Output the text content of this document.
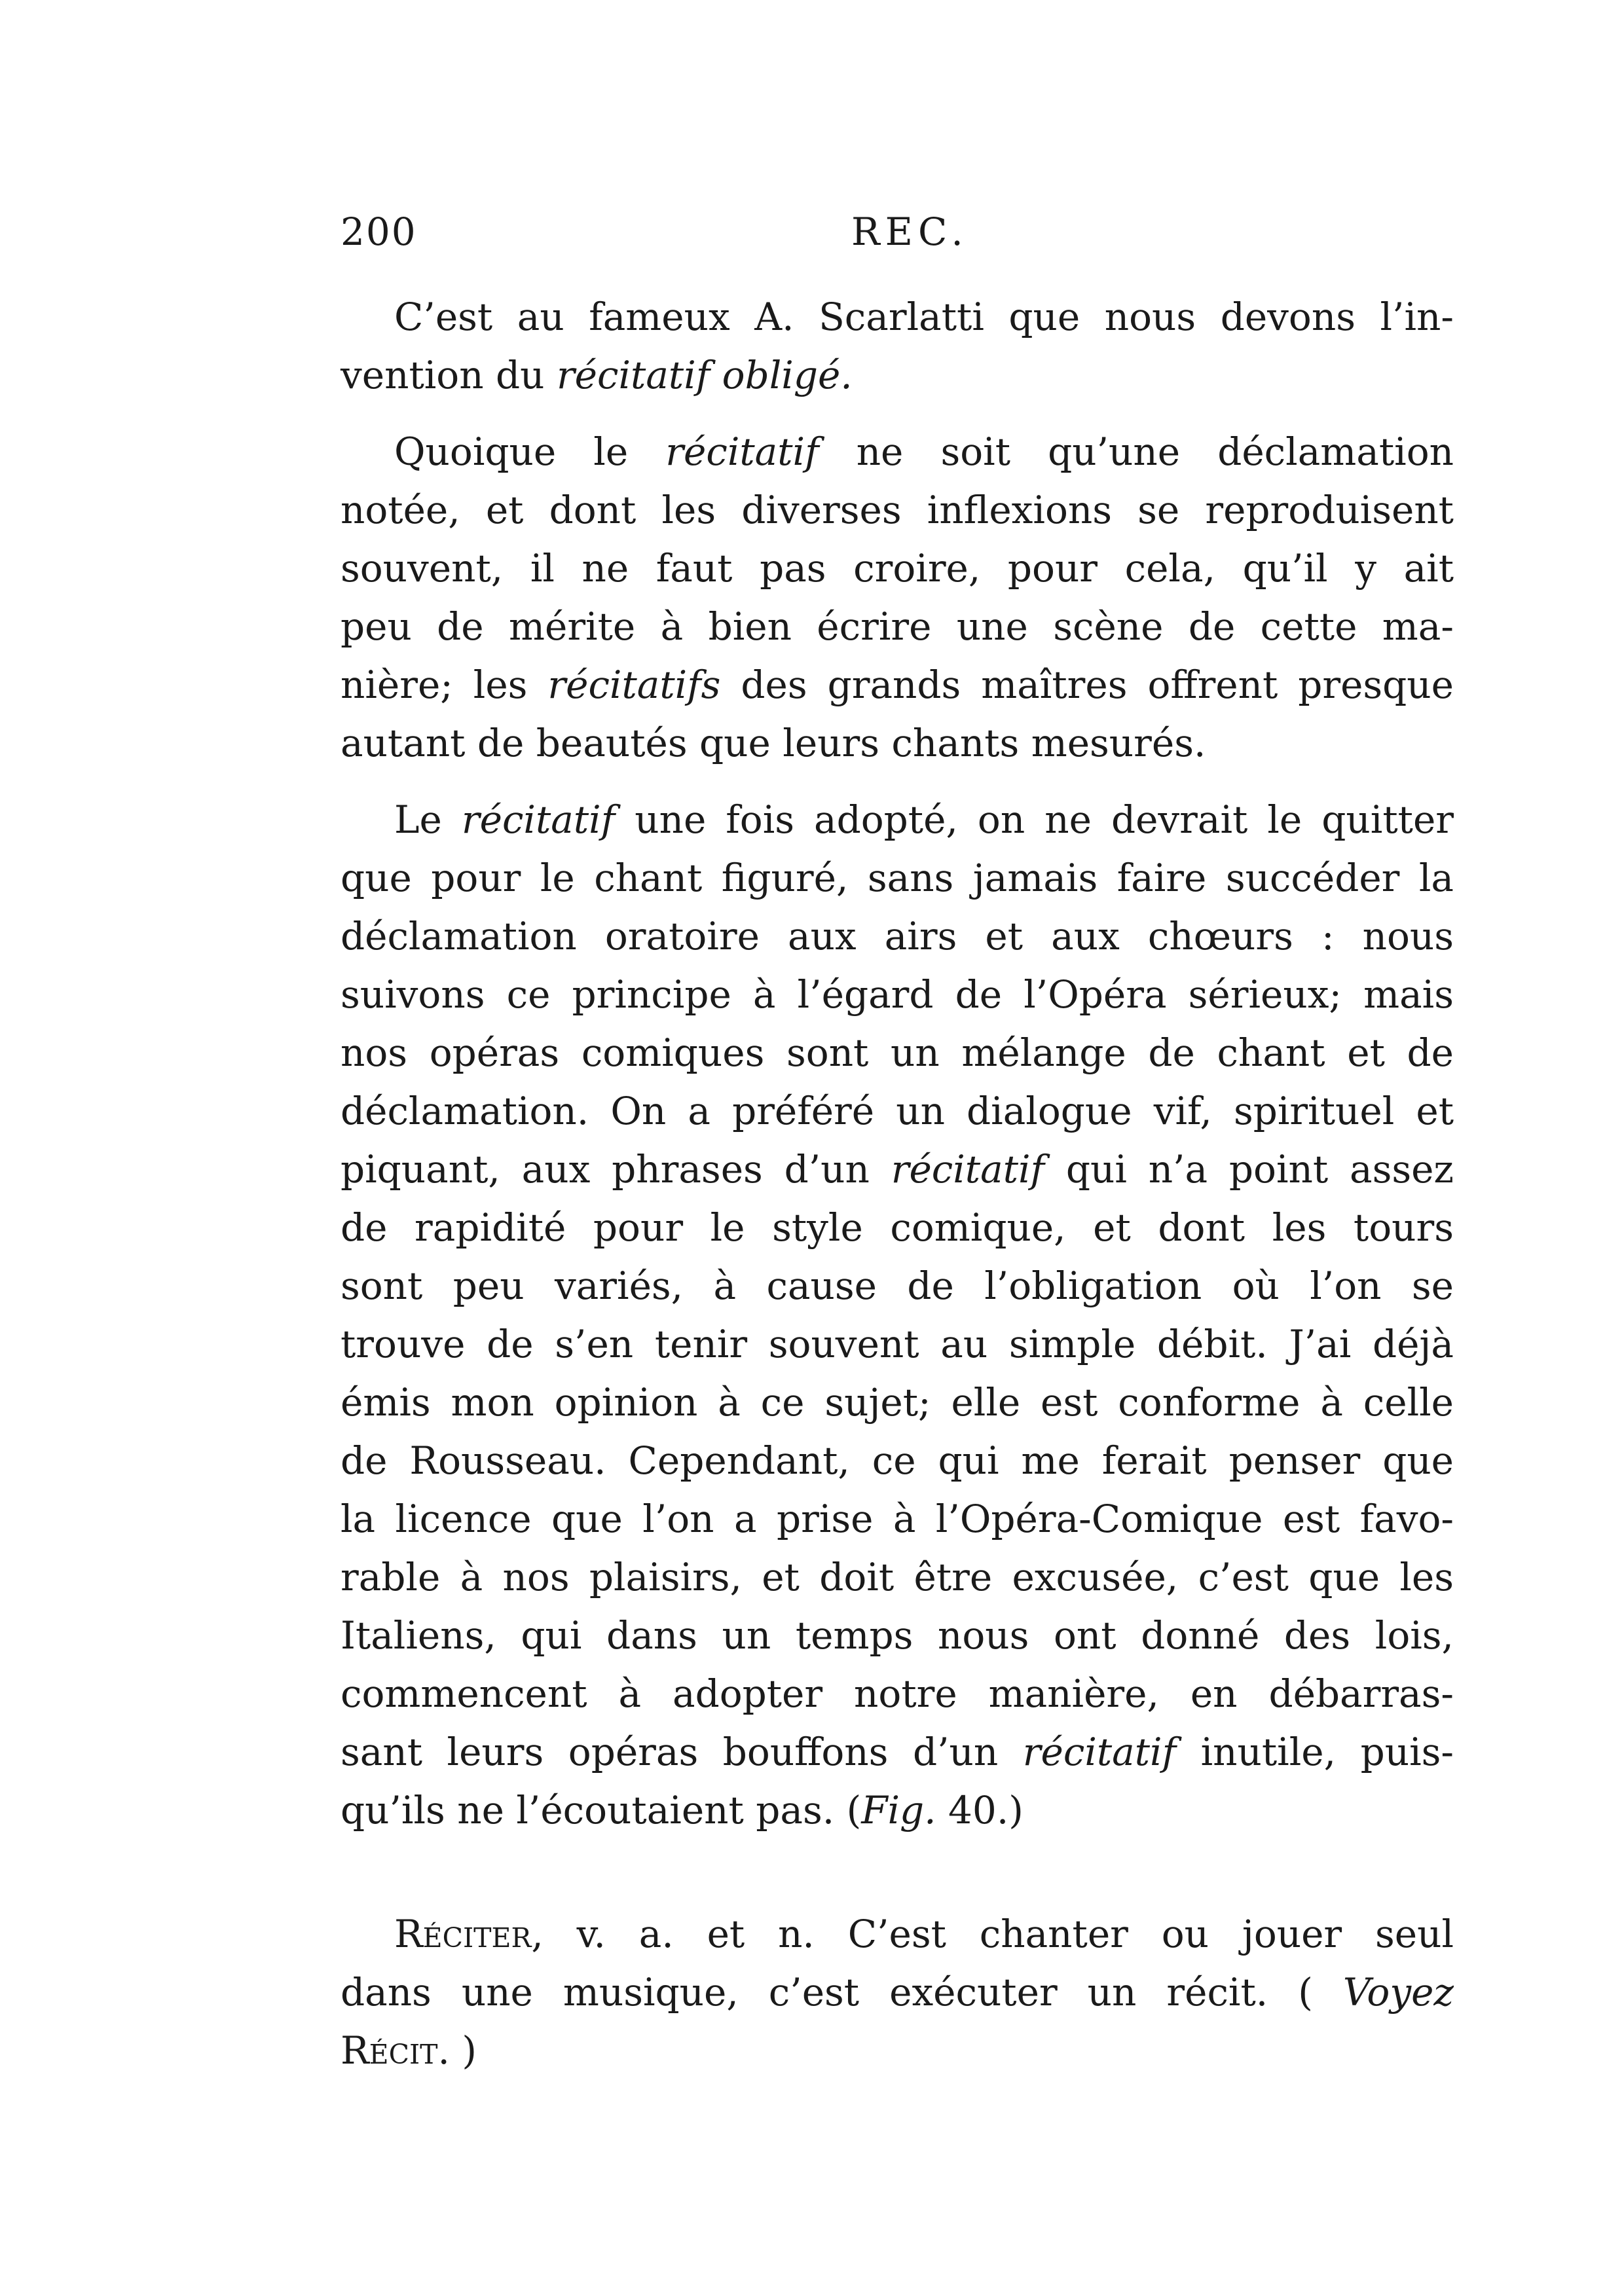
200	REC.

C’est au fameux A. Scarlatti que nous devons l’in-
vention du récitatif obligé.

Quoique le récitatif ne soit qu’une déclamation
notée, et dont les diverses inflexions se reproduisent
souvent, il ne faut pas croire, pour cela, qu’il y ait
peu de mérite à bien écrire une scène de cette ma-
nière; les récitatifs des grands maîtres offrent presque
autant de beautés que leurs chants mesurés.

Le récitatif une fois adopté, on ne devrait le quitter
que pour le chant figuré, sans jamais faire succéder la
déclamation oratoire aux airs et aux chœurs : nous
suivons ce principe à l’égard de l’Opéra sérieux; mais
nos opéras comiques sont un mélange de chant et de
déclamation. On a préféré un dialogue vif, spirituel et
piquant, aux phrases d’un récitatif qui n’a point assez
de rapidité pour le style comique, et dont les tours
sont peu variés, à cause de l’obligation où l’on se
trouve de s’en tenir souvent au simple débit. J’ai déjà
émis mon opinion à ce sujet; elle est conforme à celle
de Rousseau. Cependant, ce qui me ferait penser que
la licence que l’on a prise à l’Opéra-Comique est favo-
rable à nos plaisirs, et doit être excusée, c’est que les
Italiens, qui dans un temps nous ont donné des lois,
commencent à adopter notre manière, en débarras-
sant leurs opéras bouffons d’un récitatif inutile, puis-
qu’ils ne l’écoutaient pas. (Fig. 40.)

Réciter, v. a. et n. C’est chanter ou jouer seul
dans une musique, c’est exécuter un récit. ( Voyez
Récit. )
